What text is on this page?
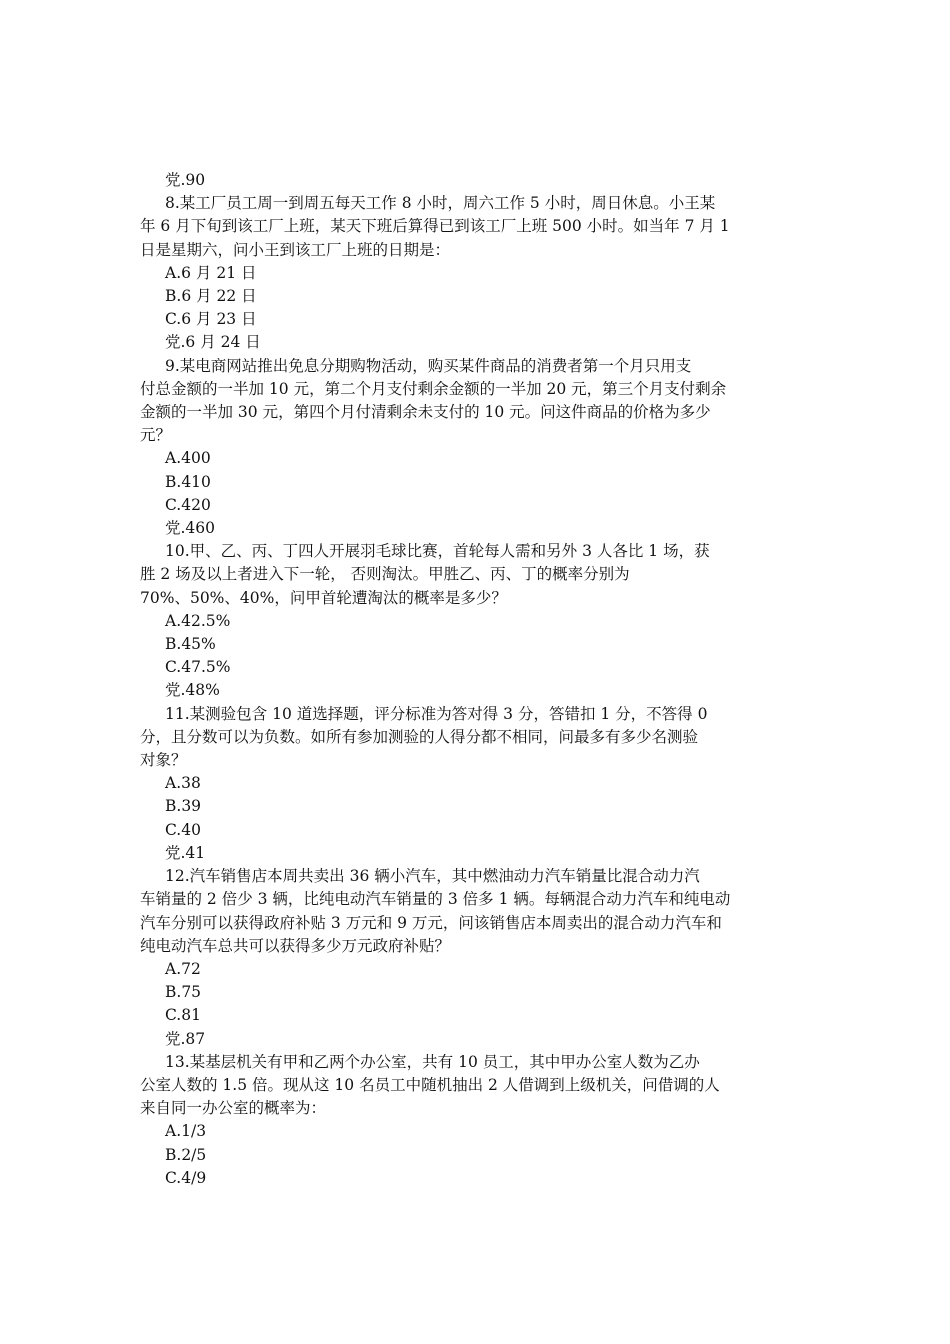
党.90
8.某工厂员工周一到周五每天工作 8 小时，周六工作 5 小时，周日休息。小王某
年 6 月下旬到该工厂上班，某天下班后算得已到该工厂上班 500 小时。如当年 7 月 1
日是星期六，问小王到该工厂上班的日期是：
A.6 月 21 日
B.6 月 22 日
C.6 月 23 日
党.6 月 24 日
9.某电商网站推出免息分期购物活动，购买某件商品的消费者第一个月只用支
付总金额的一半加 10 元，第二个月支付剩余金额的一半加 20 元，第三个月支付剩余
金额的一半加 30 元，第四个月付清剩余未支付的 10 元。问这件商品的价格为多少
元？
A.400
B.410
C.420
党.460
10.甲、乙、丙、丁四人开展羽毛球比赛，首轮每人需和另外 3 人各比 1 场，获
胜 2 场及以上者进入下一轮， 否则淘汰。甲胜乙、丙、丁的概率分别为
70%、50%、40%，问甲首轮遭淘汰的概率是多少？
A.42.5%
B.45%
C.47.5%
党.48%
11.某测验包含 10 道选择题，评分标准为答对得 3 分，答错扣 1 分，不答得 0
分，且分数可以为负数。如所有参加测验的人得分都不相同，问最多有多少名测验
对象？
A.38
B.39
C.40
党.41
12.汽车销售店本周共卖出 36 辆小汽车，其中燃油动力汽车销量比混合动力汽
车销量的 2 倍少 3 辆，比纯电动汽车销量的 3 倍多 1 辆。每辆混合动力汽车和纯电动
汽车分别可以获得政府补贴 3 万元和 9 万元，问该销售店本周卖出的混合动力汽车和
纯电动汽车总共可以获得多少万元政府补贴？
A.72
B.75
C.81
党.87
13.某基层机关有甲和乙两个办公室，共有 10 员工，其中甲办公室人数为乙办
公室人数的 1.5 倍。现从这 10 名员工中随机抽出 2 人借调到上级机关，问借调的人
来自同一办公室的概率为：
A.1/3
B.2/5
C.4/9
